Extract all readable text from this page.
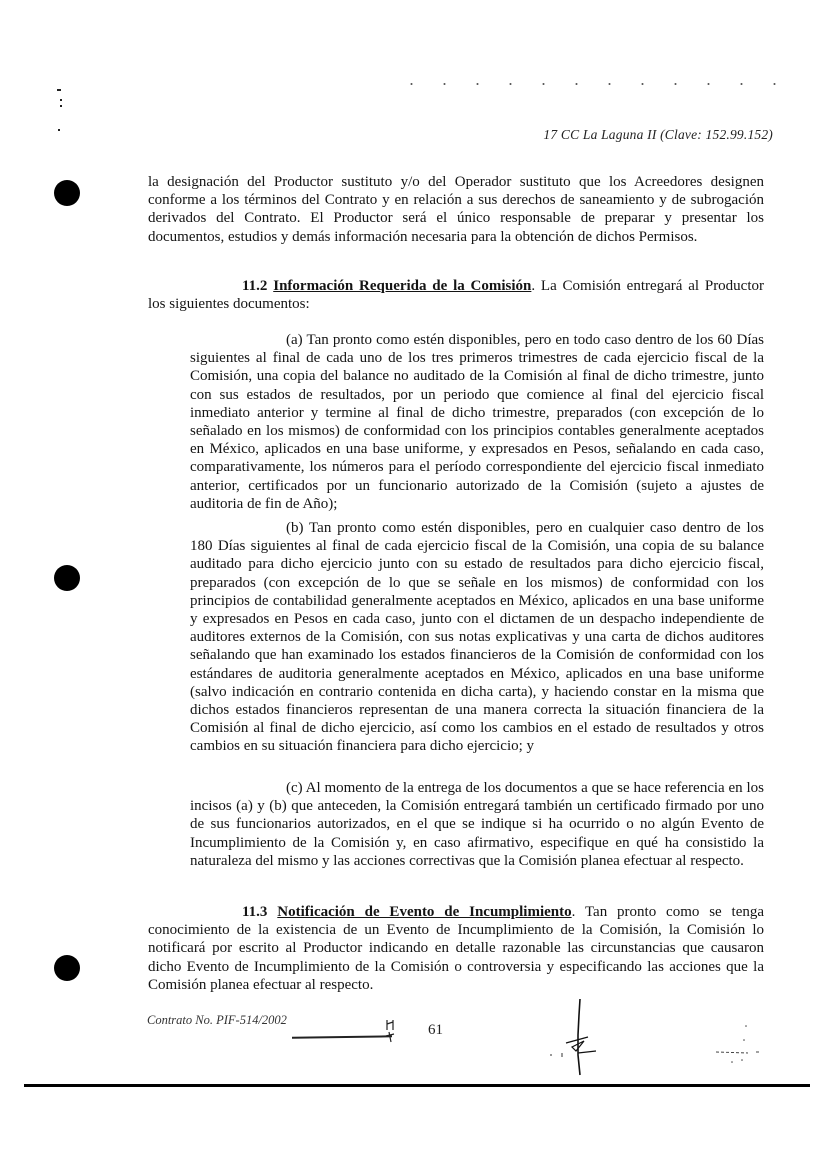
17 CC La Laguna II (Clave: 152.99.152)

la designación del Productor sustituto y/o del Operador sustituto que los Acreedores designen conforme a los términos del Contrato y en relación a sus derechos de saneamiento y de subrogación derivados del Contrato. El Productor será el único responsable de preparar y presentar los documentos, estudios y demás información necesaria para la obtención de dichos Permisos.

11.2 Información Requerida de la Comisión. La Comisión entregará al Productor los siguientes documentos:

(a) Tan pronto como estén disponibles, pero en todo caso dentro de los 60 Días siguientes al final de cada uno de los tres primeros trimestres de cada ejercicio fiscal de la Comisión, una copia del balance no auditado de la Comisión al final de dicho trimestre, junto con sus estados de resultados, por un periodo que comience al final del ejercicio fiscal inmediato anterior y termine al final de dicho trimestre, preparados (con excepción de lo señalado en los mismos) de conformidad con los principios contables generalmente aceptados en México, aplicados en una base uniforme, y expresados en Pesos, señalando en cada caso, comparativamente, los números para el período correspondiente del ejercicio fiscal inmediato anterior, certificados por un funcionario autorizado de la Comisión (sujeto a ajustes de auditoria de fin de Año);

(b) Tan pronto como estén disponibles, pero en cualquier caso dentro de los 180 Días siguientes al final de cada ejercicio fiscal de la Comisión, una copia de su balance auditado para dicho ejercicio junto con su estado de resultados para dicho ejercicio fiscal, preparados (con excepción de lo que se señale en los mismos) de conformidad con los principios de contabilidad generalmente aceptados en México, aplicados en una base uniforme y expresados en Pesos en cada caso, junto con el dictamen de un despacho independiente de auditores externos de la Comisión, con sus notas explicativas y una carta de dichos auditores señalando que han examinado los estados financieros de la Comisión de conformidad con los estándares de auditoria generalmente aceptados en México, aplicados en una base uniforme (salvo indicación en contrario contenida en dicha carta), y haciendo constar en la misma que dichos estados financieros representan de una manera correcta la situación financiera de la Comisión al final de dicho ejercicio, así como los cambios en el estado de resultados y otros cambios en su situación financiera para dicho ejercicio; y

(c) Al momento de la entrega de los documentos a que se hace referencia en los incisos (a) y (b) que anteceden, la Comisión entregará también un certificado firmado por uno de sus funcionarios autorizados, en el que se indique si ha ocurrido o no algún Evento de Incumplimiento de la Comisión y, en caso afirmativo, especifique en qué ha consistido la naturaleza del mismo y las acciones correctivas que la Comisión planea efectuar al respecto.

11.3 Notificación de Evento de Incumplimiento. Tan pronto como se tenga conocimiento de la existencia de un Evento de Incumplimiento de la Comisión, la Comisión lo notificará por escrito al Productor indicando en detalle razonable las circunstancias que causaron dicho Evento de Incumplimiento de la Comisión o controversia y especificando las acciones que la Comisión planea efectuar al respecto.

Contrato No. PIF-514/2002
61
